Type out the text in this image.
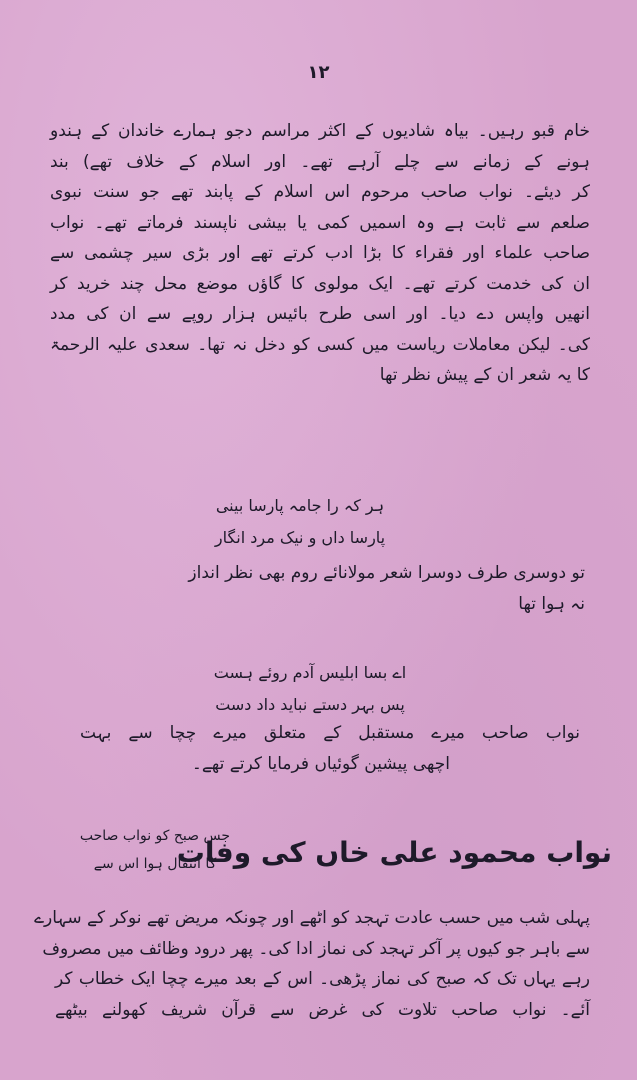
١٢
خام قبو رہیں۔ بیاہ شادیوں کے اکثر مراسم دجو ہمارے خاندان کے ہندو
ہونے کے زمانے سے چلے آرہے تھے۔ اور اسلام کے خلاف تھے) بند
کر دیئے۔ نواب صاحب مرحوم اس اسلام کے پابند تھے جو سنت نبوی
صلعم سے ثابت ہے وہ اسمیں کمی یا بیشی ناپسند فرماتے تھے۔ نواب
صاحب علماء اور فقراء کا بڑا ادب کرتے تھے اور بڑی سیر چشمی سے
ان کی خدمت کرتے تھے۔ ایک مولوی کا گاؤں موضع محل چند خرید کر
انھیں واپس دے دیا۔ اور اسی طرح بائیس ہزار روپے سے ان کی مدد
کی۔ لیکن معاملات ریاست میں کسی کو دخل نہ تھا۔ سعدی علیہ الرحمۃ
کا یہ شعر ان کے پیش نظر تھا
ہر کہ را جامہ پارسا بینی
پارسا داں و نیک مرد انگار
تو دوسری طرف دوسرا شعر مولانائے روم بھی نظر انداز
نہ ہوا تھا
اے بسا ابلیس آدم روئے ہست
پس بہر دستے نباید داد دست
نواب صاحب میرے مستقبل کے متعلق میرے چچا سے بہت
اچھی پیشین گوئیاں فرمایا کرتے تھے۔
نواب محمود علی خاں کی وفات
جس صبح کو نواب صاحب
کا انتقال ہوا اس سے
پہلی شب میں حسب عادت تہجد کو اٹھے اور چونکہ مریض تھے نوکر کے سہارے
سے باہر جو کیوں پر آکر تہجد کی نماز ادا کی۔ پھر درود وظائف میں مصروف
رہے یہاں تک کہ صبح کی نماز پڑھی۔ اس کے بعد میرے چچا ایک خطاب کر
آئے۔ نواب صاحب تلاوت کی غرض سے قرآن شریف کھولنے بیٹھے
